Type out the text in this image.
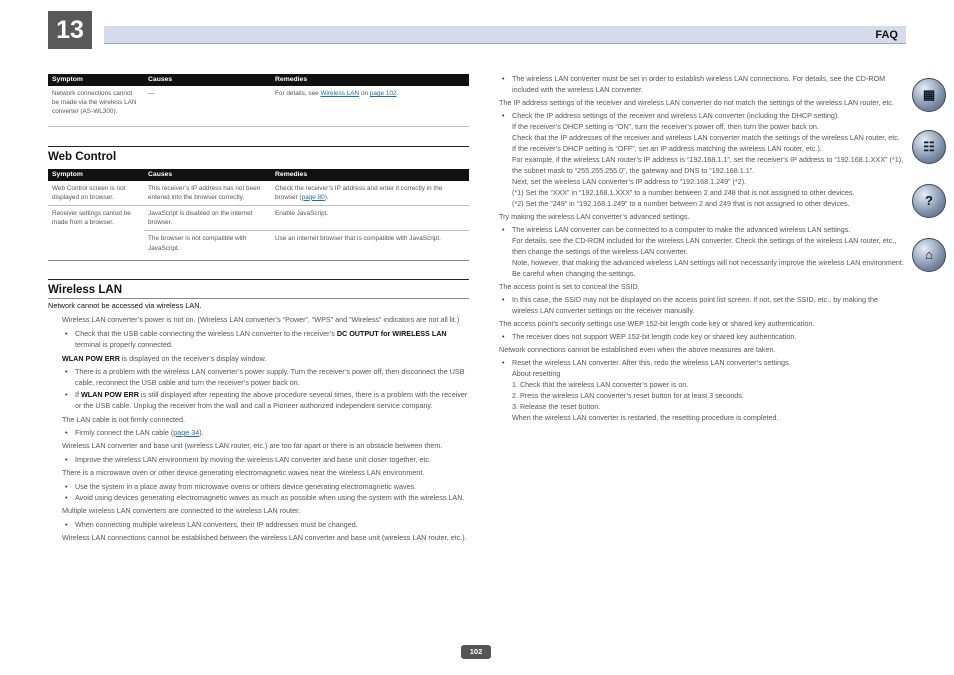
13	FAQ
▦
☷
?
⌂
Symptom	Causes	Remedies
Network connections cannot be made via the wireless LAN converter (AS-WL300).	—	For details, see Wireless LAN on page 102.
Web Control
Symptom	Causes	Remedies
Web Control screen is not displayed on browser.	This receiver’s IP address has not been entered into the browser correctly.	Check the receiver’s IP address and enter it correctly in the browser (page 80).
Receiver settings cannot be made from a browser.	JavaScript is disabled on the internet browser.	Enable JavaScript.
	The browser is not compatible with JavaScript.	Use an internet browser that is compatible with JavaScript.
Wireless LAN
Network cannot be accessed via wireless LAN.
Wireless LAN converter’s power is not on. (Wireless LAN converter’s “Power”, “WPS” and “Wireless” indicators are not all lit.)
• Check that the USB cable connecting the wireless LAN converter to the receiver’s DC OUTPUT for WIRELESS LAN terminal is properly connected.
WLAN POW ERR is displayed on the receiver’s display window.
• There is a problem with the wireless LAN converter’s power supply. Turn the receiver’s power off, then disconnect the USB cable, reconnect the USB cable and turn the receiver’s power back on.
• If WLAN POW ERR is still displayed after repeating the above procedure several times, there is a problem with the receiver or the USB cable. Unplug the receiver from the wall and call a Pioneer authorized independent service company.
The LAN cable is not firmly connected.
• Firmly connect the LAN cable (page 34).
Wireless LAN converter and base unit (wireless LAN router, etc.) are too far apart or there is an obstacle between them.
• Improve the wireless LAN environment by moving the wireless LAN converter and base unit closer together, etc.
There is a microwave oven or other device generating electromagnetic waves near the wireless LAN environment.
• Use the system in a place away from microwave ovens or others device generating electromagnetic waves.
• Avoid using devices generating electromagnetic waves as much as possible when using the system with the wireless LAN.
Multiple wireless LAN converters are connected to the wireless LAN router.
• When connecting multiple wireless LAN converters, their IP addresses must be changed.
Wireless LAN connections cannot be established between the wireless LAN converter and base unit (wireless LAN router, etc.).
• The wireless LAN converter must be set in order to establish wireless LAN connections. For details, see the CD-ROM included with the wireless LAN converter.
The IP address settings of the receiver and wireless LAN converter do not match the settings of the wireless LAN router, etc.
• Check the IP address settings of the receiver and wireless LAN converter (including the DHCP setting).
If the receiver’s DHCP setting is “ON”, turn the receiver’s power off, then turn the power back on.
Check that the IP addresses of the receiver and wireless LAN converter match the settings of the wireless LAN router, etc.
If the receiver’s DHCP setting is “OFF”, set an IP address matching the wireless LAN router, etc.).
For example, if the wireless LAN router’s IP address is “192.168.1.1”, set the receiver’s IP address to “192.168.1.XXX” (*1), the subnet mask to “255.255.255.0”, the gateway and DNS to “192.168.1.1”.
Next, set the wireless LAN converter’s IP address to “192.168.1.249” (*2).
(*1) Set the “XXX” in “192.168.1.XXX” to a number between 2 and 248 that is not assigned to other devices.
(*2) Set the “249” in “192.168.1.249” to a number between 2 and 249 that is not assigned to other devices.
Try making the wireless LAN converter’s advanced settings.
• The wireless LAN converter can be connected to a computer to make the advanced wireless LAN settings.
For details, see the CD-ROM included for the wireless LAN converter. Check the settings of the wireless LAN router, etc., then change the settings of the wireless LAN converter.
Note, however, that making the advanced wireless LAN settings will not necessarily improve the wireless LAN environment. Be careful when changing the settings.
The access point is set to conceal the SSID.
• In this case, the SSID may not be displayed on the access point list screen. If not, set the SSID, etc., by making the wireless LAN converter settings on the receiver manually.
The access point’s security settings use WEP 152-bit length code key or shared key authentication.
• The receiver does not support WEP 152-bit length code key or shared key authentication.
Network connections cannot be established even when the above measures are taken.
• Reset the wireless LAN converter. After this, redo the wireless LAN converter’s settings.
About resetting
1. Check that the wireless LAN converter’s power is on.
2. Press the wireless LAN converter’s reset button for at least 3 seconds.
3. Release the reset button.
When the wireless LAN converter is restarted, the resetting procedure is completed.
102
